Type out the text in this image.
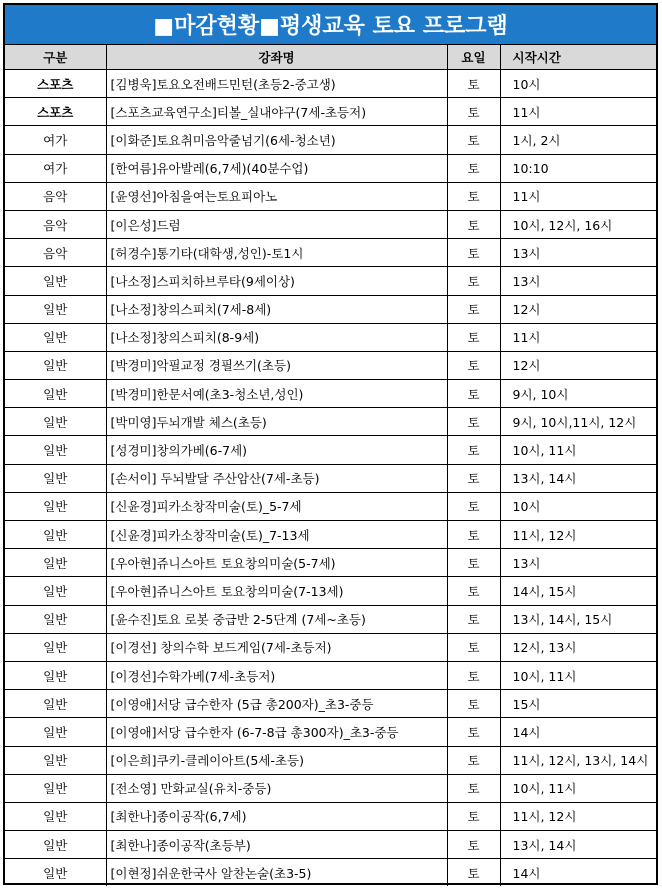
■마감현황■평생교육 토요 프로그램
구분	강좌명	요일	시작시간
스포츠	[김병욱]토요오전배드민턴(초등2-중고생)	토	10시
스포츠	[스포츠교육연구소]티볼_실내야구(7세-초등저)	토	11시
여가	[이화준]토요취미음악줄넘기(6세-청소년)	토	1시, 2시
여가	[한여름]유아발레(6,7세)(40분수업)	토	10:10
음악	[윤영선]아침을여는토요피아노	토	11시
음악	[이은성]드럼	토	10시, 12시, 16시
음악	[허경수]통기타(대학생,성인)-토1시	토	13시
일반	[나소정]스피치하브루타(9세이상)	토	13시
일반	[나소정]창의스피치(7세-8세)	토	12시
일반	[나소정]창의스피치(8-9세)	토	11시
일반	[박경미]악필교정 경필쓰기(초등)	토	12시
일반	[박경미]한문서예(초3-청소년,성인)	토	9시, 10시
일반	[박미영]두뇌개발 체스(초등)	토	9시, 10시,11시, 12시
일반	[성경미]창의가베(6-7세)	토	10시, 11시
일반	[손서이] 두뇌발달 주산암산(7세-초등)	토	13시, 14시
일반	[신윤경]피카소창작미술(토)_5-7세	토	10시
일반	[신윤경]피카소창작미술(토)_7-13세	토	11시, 12시
일반	[우아현]쥬니스아트 토요창의미술(5-7세)	토	13시
일반	[우아현]쥬니스아트 토요창의미술(7-13세)	토	14시, 15시
일반	[윤수진]토요 로봇 중급반 2-5단계 (7세~초등)	토	13시, 14시, 15시
일반	[이경선] 창의수학 보드게임(7세-초등저)	토	12시, 13시
일반	[이경선]수학가베(7세-초등저)	토	10시, 11시
일반	[이영애]서당 급수한자 (5급 총200자)_초3-중등	토	15시
일반	[이영애]서당 급수한자 (6-7-8급 총300자)_초3-중등	토	14시
일반	[이은희]쿠키-클레이아트(5세-초등)	토	11시, 12시, 13시, 14시
일반	[전소영] 만화교실(유치-중등)	토	10시, 11시
일반	[최한나]종이공작(6,7세)	토	11시, 12시
일반	[최한나]종이공작(초등부)	토	13시, 14시
일반	[이현정]쉬운한국사 알찬논술(초3-5)	토	14시
